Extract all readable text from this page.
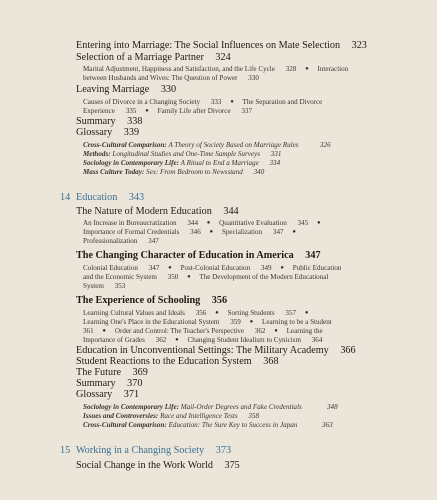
Entering into Marriage: The Social Influences on Mate Selection 323
Selection of a Marriage Partner 324
Marital Adjustment, Happiness and Satisfaction, and the Life Cycle 328 ● Interaction
between Husbands and Wives: The Question of Power 330
Leaving Marriage 330
Causes of Divorce in a Changing Society 333 ● The Separation and Divorce
Experience 335 ● Family Life after Divorce 337
Summary 338
Glossary 339
Cross-Cultural Comparison: A Theory of Society Based on Marriage Rules	326
Methods: Longitudinal Studies and One-Time Sample Surveys 331
Sociology in Contemporary Life: A Ritual to End a Marriage 334
Mass Culture Today: Sex: From Bedroom to Newsstand 340
14 Education 343
The Nature of Modern Education 344
An Increase in Bureaucratization 344 ● Quantitative Evaluation 345 ●
Importance of Formal Credentials 346 ● Specialization 347 ●
Professionalization 347
The Changing Character of Education in America 347
Colonial Education 347 ● Post-Colonial Education 349 ● Public Education
and the Economic System 350 ● The Development of the Modern Educational
System 353
The Experience of Schooling 356
Learning Cultural Values and Ideals 356 ● Sorting Students 357 ●
Learning One's Place in the Educational System 359 ● Learning to be a Student
361 ● Order and Control: The Teacher's Perspective 362 ● Learning the
Importance of Grades 362 ● Changing Student Idealism to Cynicism 364
Education in Unconventional Settings: The Military Academy 366
Student Reactions to the Education System 368
The Future 369
Summary 370
Glossary 371
Sociology in Contemporary Life: Mail-Order Degrees and Fake Credentials	348
Issues and Controversies: Race and Intelligence Tests 358
Cross-Cultural Comparison: Education: The Sure Key to Success in Japan	363
15 Working in a Changing Society 373
Social Change in the Work World 375
